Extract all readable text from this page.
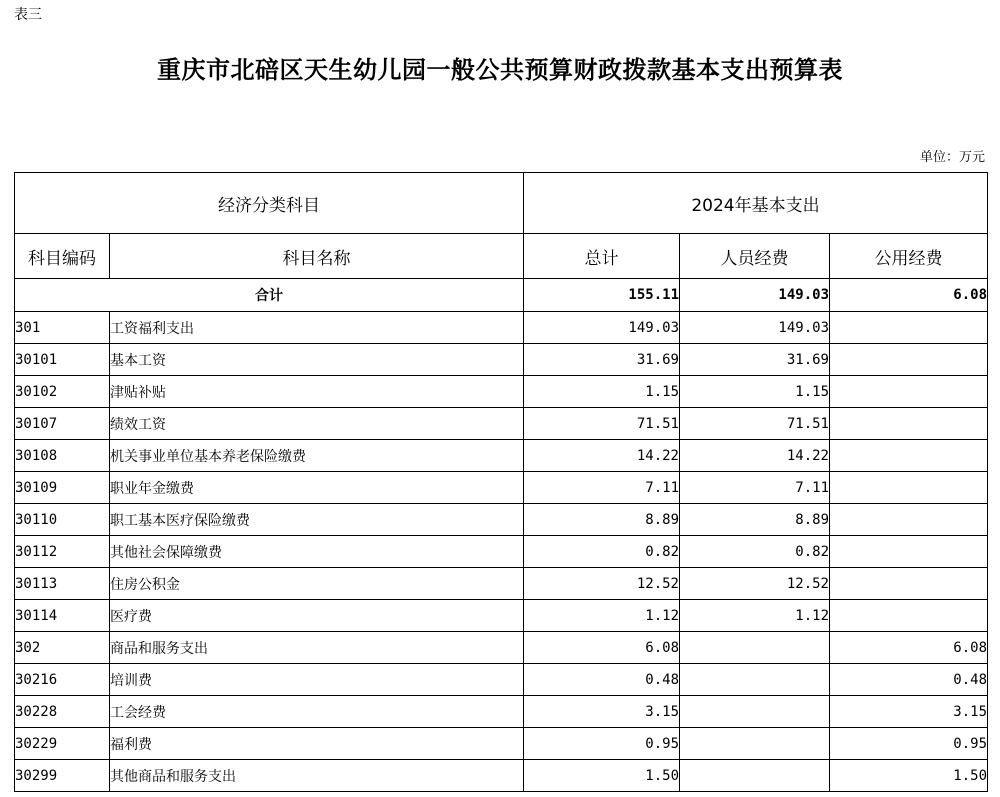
表三
重庆市北碚区天生幼儿园一般公共预算财政拨款基本支出预算表
单位：万元
经济分类科目		2024年基本支出		
科目编码	科目名称	总计	人员经费	公用经费
合计		155.11	149.03	6.08
301	工资福利支出	149.03	149.03	
30101	基本工资	31.69	31.69	
30102	津贴补贴	1.15	1.15	
30107	绩效工资	71.51	71.51	
30108	机关事业单位基本养老保险缴费	14.22	14.22	
30109	职业年金缴费	7.11	7.11	
30110	职工基本医疗保险缴费	8.89	8.89	
30112	其他社会保障缴费	0.82	0.82	
30113	住房公积金	12.52	12.52	
30114	医疗费	1.12	1.12	
302	商品和服务支出	6.08		6.08
30216	培训费	0.48		0.48
30228	工会经费	3.15		3.15
30229	福利费	0.95		0.95
30299	其他商品和服务支出	1.50		1.50
